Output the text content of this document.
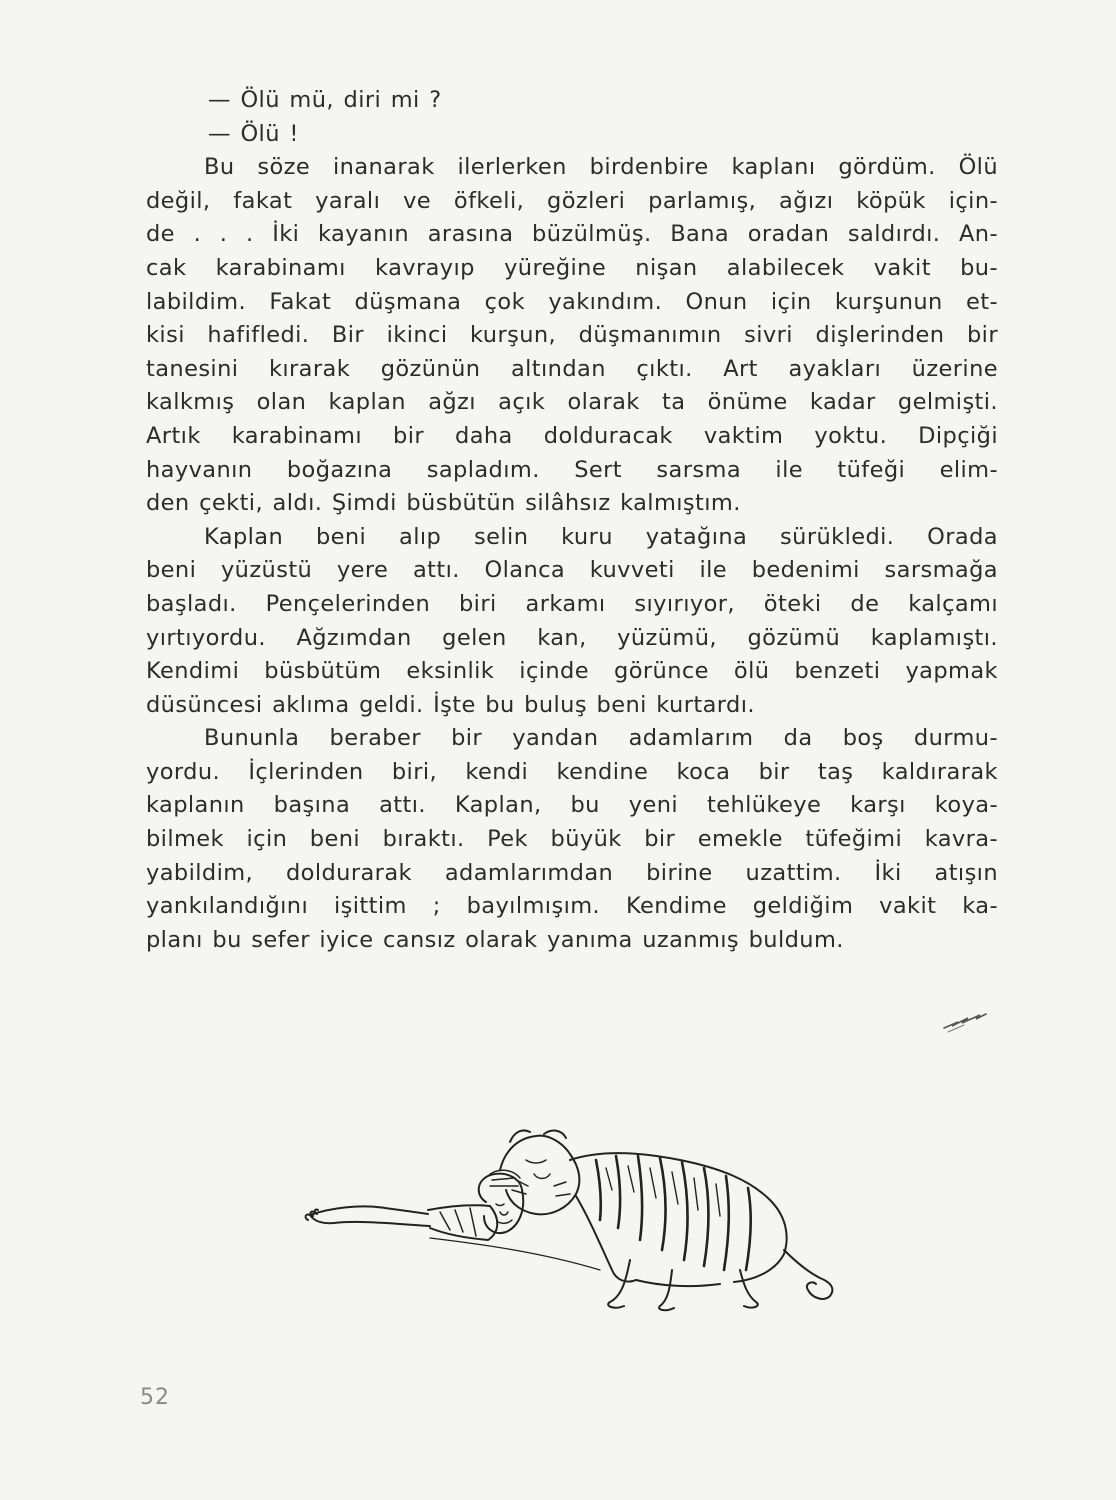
— Ölü mü, diri mi ?
— Ölü !
Bu söze inanarak ilerlerken birdenbire kaplanı gördüm. Ölü
değil, fakat yaralı ve öfkeli, gözleri parlamış, ağızı köpük için-
de . . . İki kayanın arasına büzülmüş. Bana oradan saldırdı. An-
cak karabinamı kavrayıp yüreğine nişan alabilecek vakit bu-
labildim. Fakat düşmana çok yakındım. Onun için kurşunun et-
kisi hafifledi. Bir ikinci kurşun, düşmanımın sivri dişlerinden bir
tanesini kırarak gözünün altından çıktı. Art ayakları üzerine
kalkmış olan kaplan ağzı açık olarak ta önüme kadar gelmişti.
Artık karabinamı bir daha dolduracak vaktim yoktu. Dipçiği
hayvanın boğazına sapladım. Sert sarsma ile tüfeği elim-
den çekti, aldı. Şimdi büsbütün silâhsız kalmıştım.
Kaplan beni alıp selin kuru yatağına sürükledi. Orada
beni yüzüstü yere attı. Olanca kuvveti ile bedenimi sarsmağa
başladı. Pençelerinden biri arkamı sıyırıyor, öteki de kalçamı
yırtıyordu. Ağzımdan gelen kan, yüzümü, gözümü kaplamıştı.
Kendimi büsbütüm eksinlik içinde görünce ölü benzeti yapmak
düsüncesi aklıma geldi. İşte bu buluş beni kurtardı.
Bununla beraber bir yandan adamlarım da boş durmu-
yordu. İçlerinden biri, kendi kendine koca bir taş kaldırarak
kaplanın başına attı. Kaplan, bu yeni tehlükeye karşı koya-
bilmek için beni bıraktı. Pek büyük bir emekle tüfeğimi kavra-
yabildim, doldurarak adamlarımdan birine uzattim. İki atışın
yankılandığını işittim ; bayılmışım. Kendime geldiğim vakit ka-
planı bu sefer iyice cansız olarak yanıma uzanmış buldum.
52
